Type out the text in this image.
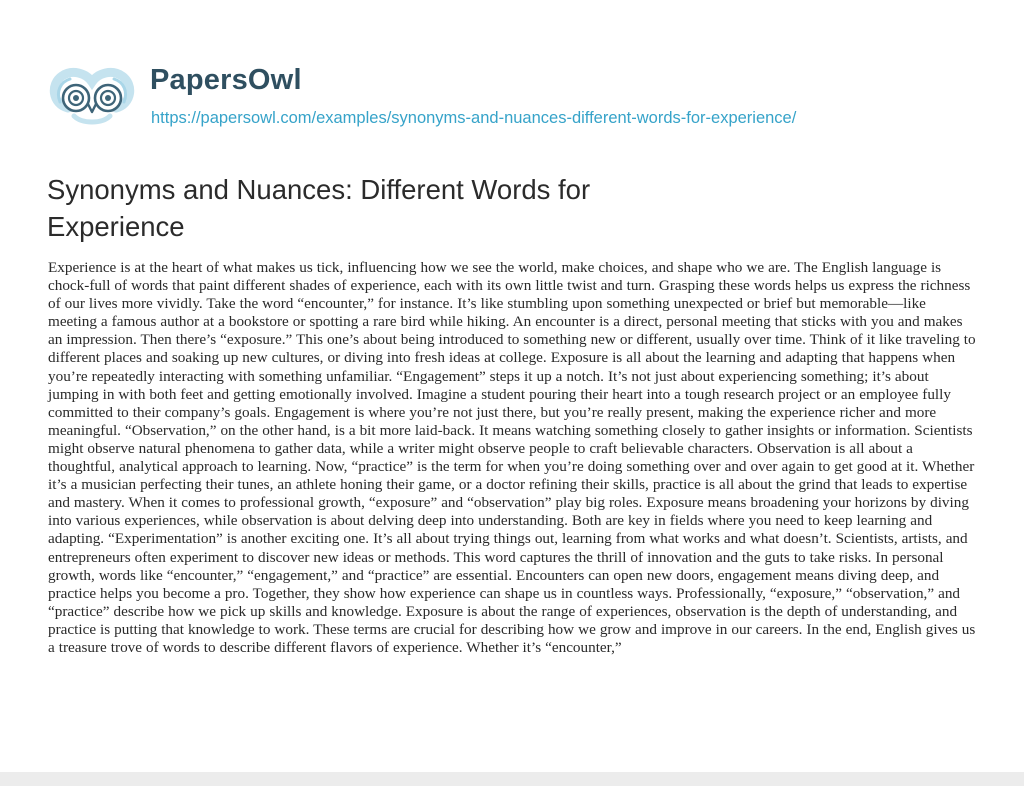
PapersOwl
https://papersowl.com/examples/synonyms-and-nuances-different-words-for-experience/
Synonyms and Nuances: Different Words for Experience

Experience is at the heart of what makes us tick, influencing how we see the world, make choices, and shape who we are. The English language is chock-full of words that paint different shades of experience, each with its own little twist and turn. Grasping these words helps us express the richness of our lives more vividly. Take the word “encounter,” for instance. It’s like stumbling upon something unexpected or brief but memorable—like meeting a famous author at a bookstore or spotting a rare bird while hiking. An encounter is a direct, personal meeting that sticks with you and makes an impression. Then there’s “exposure.” This one’s about being introduced to something new or different, usually over time. Think of it like traveling to different places and soaking up new cultures, or diving into fresh ideas at college. Exposure is all about the learning and adapting that happens when you’re repeatedly interacting with something unfamiliar. “Engagement” steps it up a notch. It’s not just about experiencing something; it’s about jumping in with both feet and getting emotionally involved. Imagine a student pouring their heart into a tough research project or an employee fully committed to their company’s goals. Engagement is where you’re not just there, but you’re really present, making the experience richer and more meaningful. “Observation,” on the other hand, is a bit more laid-back. It means watching something closely to gather insights or information. Scientists might observe natural phenomena to gather data, while a writer might observe people to craft believable characters. Observation is all about a thoughtful, analytical approach to learning. Now, “practice” is the term for when you’re doing something over and over again to get good at it. Whether it’s a musician perfecting their tunes, an athlete honing their game, or a doctor refining their skills, practice is all about the grind that leads to expertise and mastery. When it comes to professional growth, “exposure” and “observation” play big roles. Exposure means broadening your horizons by diving into various experiences, while observation is about delving deep into understanding. Both are key in fields where you need to keep learning and adapting. “Experimentation” is another exciting one. It’s all about trying things out, learning from what works and what doesn’t. Scientists, artists, and entrepreneurs often experiment to discover new ideas or methods. This word captures the thrill of innovation and the guts to take risks. In personal growth, words like “encounter,” “engagement,” and “practice” are essential. Encounters can open new doors, engagement means diving deep, and practice helps you become a pro. Together, they show how experience can shape us in countless ways. Professionally, “exposure,” “observation,” and “practice” describe how we pick up skills and knowledge. Exposure is about the range of experiences, observation is the depth of understanding, and practice is putting that knowledge to work. These terms are crucial for describing how we grow and improve in our careers. In the end, English gives us a treasure trove of words to describe different flavors of experience. Whether it’s “encounter,”
